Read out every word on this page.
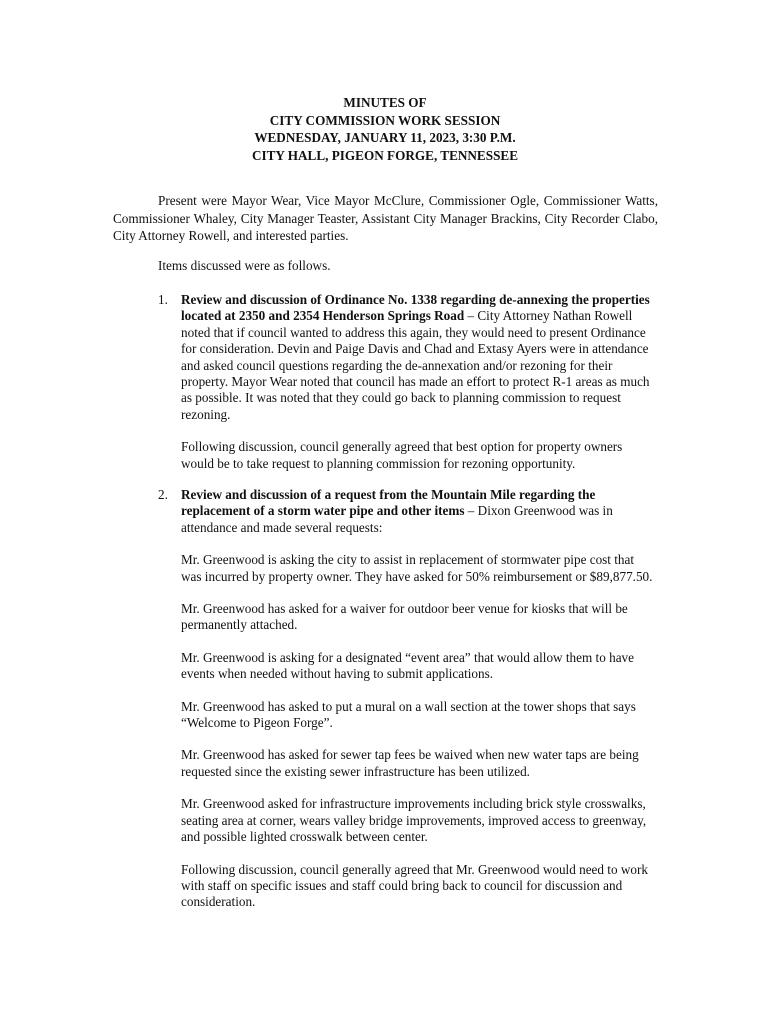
MINUTES OF
CITY COMMISSION WORK SESSION
WEDNESDAY, JANUARY 11, 2023, 3:30 P.M.
CITY HALL, PIGEON FORGE, TENNESSEE

Present were Mayor Wear, Vice Mayor McClure, Commissioner Ogle, Commissioner Watts, Commissioner Whaley, City Manager Teaster, Assistant City Manager Brackins, City Recorder Clabo, City Attorney Rowell, and interested parties.

Items discussed were as follows.

1. Review and discussion of Ordinance No. 1338 regarding de-annexing the properties located at 2350 and 2354 Henderson Springs Road – City Attorney Nathan Rowell noted that if council wanted to address this again, they would need to present Ordinance for consideration. Devin and Paige Davis and Chad and Extasy Ayers were in attendance and asked council questions regarding the de-annexation and/or rezoning for their property. Mayor Wear noted that council has made an effort to protect R-1 areas as much as possible. It was noted that they could go back to planning commission to request rezoning.

Following discussion, council generally agreed that best option for property owners would be to take request to planning commission for rezoning opportunity.

2. Review and discussion of a request from the Mountain Mile regarding the replacement of a storm water pipe and other items – Dixon Greenwood was in attendance and made several requests:

Mr. Greenwood is asking the city to assist in replacement of stormwater pipe cost that was incurred by property owner. They have asked for 50% reimbursement or $89,877.50.

Mr. Greenwood has asked for a waiver for outdoor beer venue for kiosks that will be permanently attached.

Mr. Greenwood is asking for a designated “event area” that would allow them to have events when needed without having to submit applications.

Mr. Greenwood has asked to put a mural on a wall section at the tower shops that says “Welcome to Pigeon Forge”.

Mr. Greenwood has asked for sewer tap fees be waived when new water taps are being requested since the existing sewer infrastructure has been utilized.

Mr. Greenwood asked for infrastructure improvements including brick style crosswalks, seating area at corner, wears valley bridge improvements, improved access to greenway, and possible lighted crosswalk between center.

Following discussion, council generally agreed that Mr. Greenwood would need to work with staff on specific issues and staff could bring back to council for discussion and consideration.
